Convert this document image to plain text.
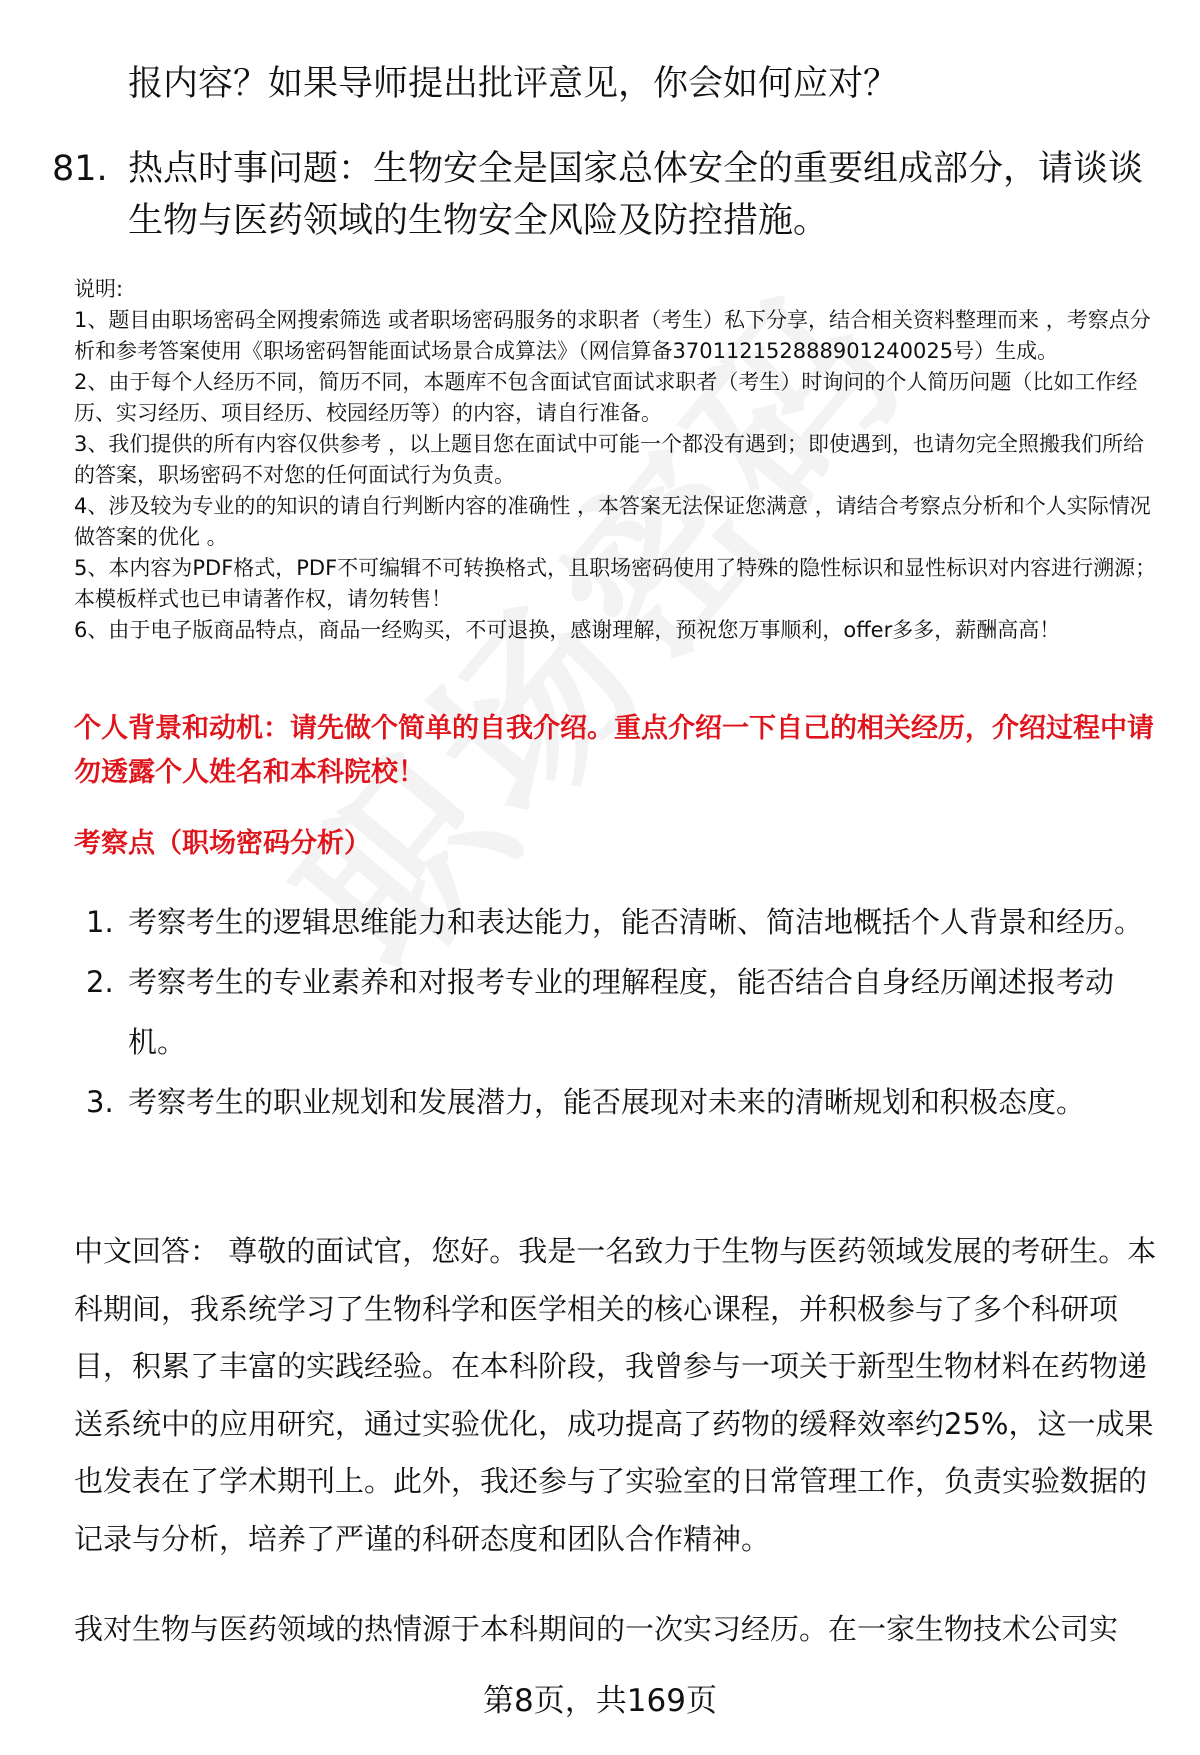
报内容？如果导师提出批评意见，你会如何应对？
81. 热点时事问题：生物安全是国家总体安全的重要组成部分，请谈谈生物与医药领域的生物安全风险及防控措施。
说明:
1、题目由职场密码全网搜索筛选 或者职场密码服务的求职者（考生）私下分享，结合相关资料整理而来 ，考察点分析和参考答案使用《职场密码智能面试场景合成算法》（网信算备370112152888901240025号）生成。
2、由于每个人经历不同，简历不同，本题库不包含面试官面试求职者（考生）时询问的个人简历问题（比如工作经历、实习经历、项目经历、校园经历等）的内容，请自行准备。
3、我们提供的所有内容仅供参考 ，以上题目您在面试中可能一个都没有遇到；即使遇到，也请勿完全照搬我们所给的答案，职场密码不对您的任何面试行为负责。
4、涉及较为专业的的知识的请自行判断内容的准确性 ，本答案无法保证您满意 ，请结合考察点分析和个人实际情况做答案的优化 。
5、本内容为PDF格式，PDF不可编辑不可转换格式，且职场密码使用了特殊的隐性标识和显性标识对内容进行溯源；本模板样式也已申请著作权，请勿转售！
6、由于电子版商品特点，商品一经购买，不可退换，感谢理解，预祝您万事顺利，offer多多，薪酬高高！
个人背景和动机：请先做个简单的自我介绍。重点介绍一下自己的相关经历，介绍过程中请勿透露个人姓名和本科院校！
考察点（职场密码分析）
1. 考察考生的逻辑思维能力和表达能力，能否清晰、简洁地概括个人背景和经历。
2. 考察考生的专业素养和对报考专业的理解程度，能否结合自身经历阐述报考动机。
3. 考察考生的职业规划和发展潜力，能否展现对未来的清晰规划和积极态度。
中文回答： 尊敬的面试官，您好。我是一名致力于生物与医药领域发展的考研生。本科期间，我系统学习了生物科学和医学相关的核心课程，并积极参与了多个科研项目，积累了丰富的实践经验。在本科阶段，我曾参与一项关于新型生物材料在药物递送系统中的应用研究，通过实验优化，成功提高了药物的缓释效率约25%，这一成果也发表在了学术期刊上。此外，我还参与了实验室的日常管理工作，负责实验数据的记录与分析，培养了严谨的科研态度和团队合作精神。
我对生物与医药领域的热情源于本科期间的一次实习经历。在一家生物技术公司实
第8页，共169页
